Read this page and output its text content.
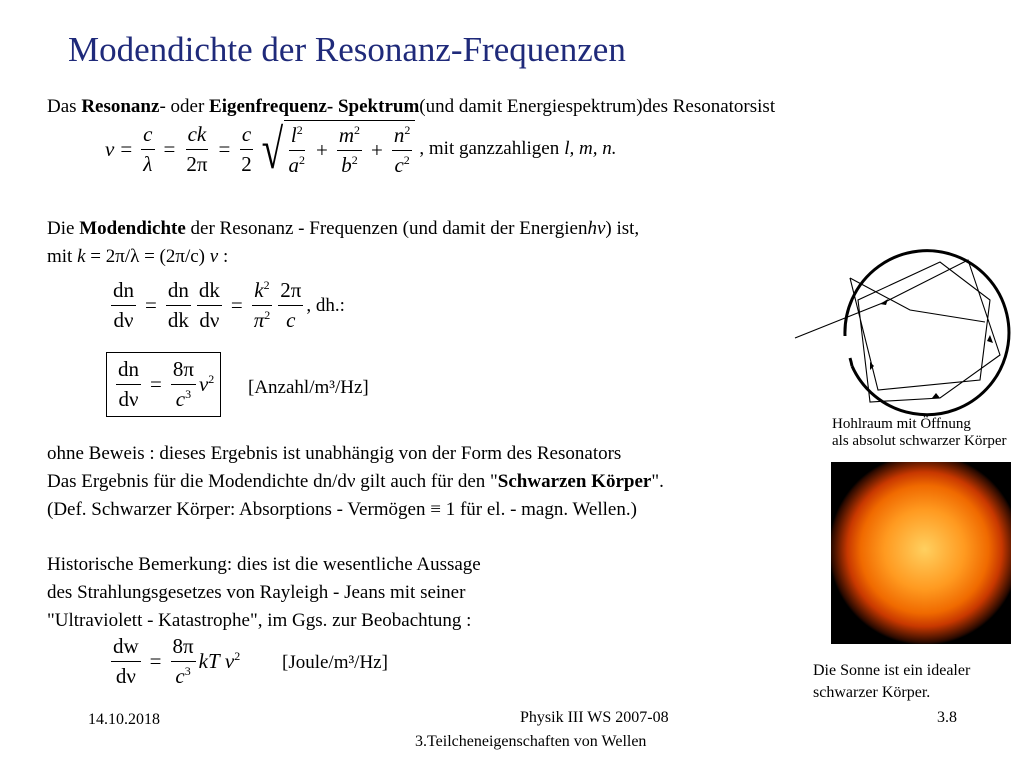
Modendichte der Resonanz-Frequenzen
Das Resonanz- oder Eigenfrequenz- Spektrum(und damit Energiespektrum)des Resonatorsist
$\nu = \frac{c}{\lambda} = \frac{ck}{2\pi} = \frac{c}{2}$ √ $\frac{l^2}{a^2} + \frac{m^2}{b^2} + \frac{n^2}{c^2}$ , mit ganzzahligen l, m, n.
Die Modendichte der Resonanz - Frequenzen (und damit der Energienhν) ist,
mit k = 2π/λ = (2π/c) ν :
$\frac{dn}{d\nu} = \frac{dn}{dk} \frac{dk}{d\nu} = \frac{k^2}{\pi^2} \frac{2\pi}{c}$ , dh.:
$\frac{dn}{d\nu} = \frac{8\pi}{c^3} \nu^2$ [Anzahl/m³/Hz]
ohne Beweis : dieses Ergebnis ist unabhängig von der Form des Resonators
Das Ergebnis für die Modendichte dn/dν gilt auch für den "Schwarzen Körper".
(Def. Schwarzer Körper: Absorptions - Vermögen ≡ 1 für el. - magn. Wellen.)
Historische Bemerkung: dies ist die wesentliche Aussage
des Strahlungsgesetzes von Rayleigh - Jeans mit seiner
"Ultraviolett - Katastrophe", im Ggs. zur Beobachtung :
$\frac{dw}{d\nu} = \frac{8\pi}{c^3}$ kT
$\nu^2$ [Joule/m³/Hz]
Hohlraum mit Öffnung
als absolut schwarzer Körper
Die Sonne ist ein idealer
schwarzer Körper.
14.10.2018	Physik III WS 2007-08
3.Teilcheneigenschaften von Wellen
3.8
